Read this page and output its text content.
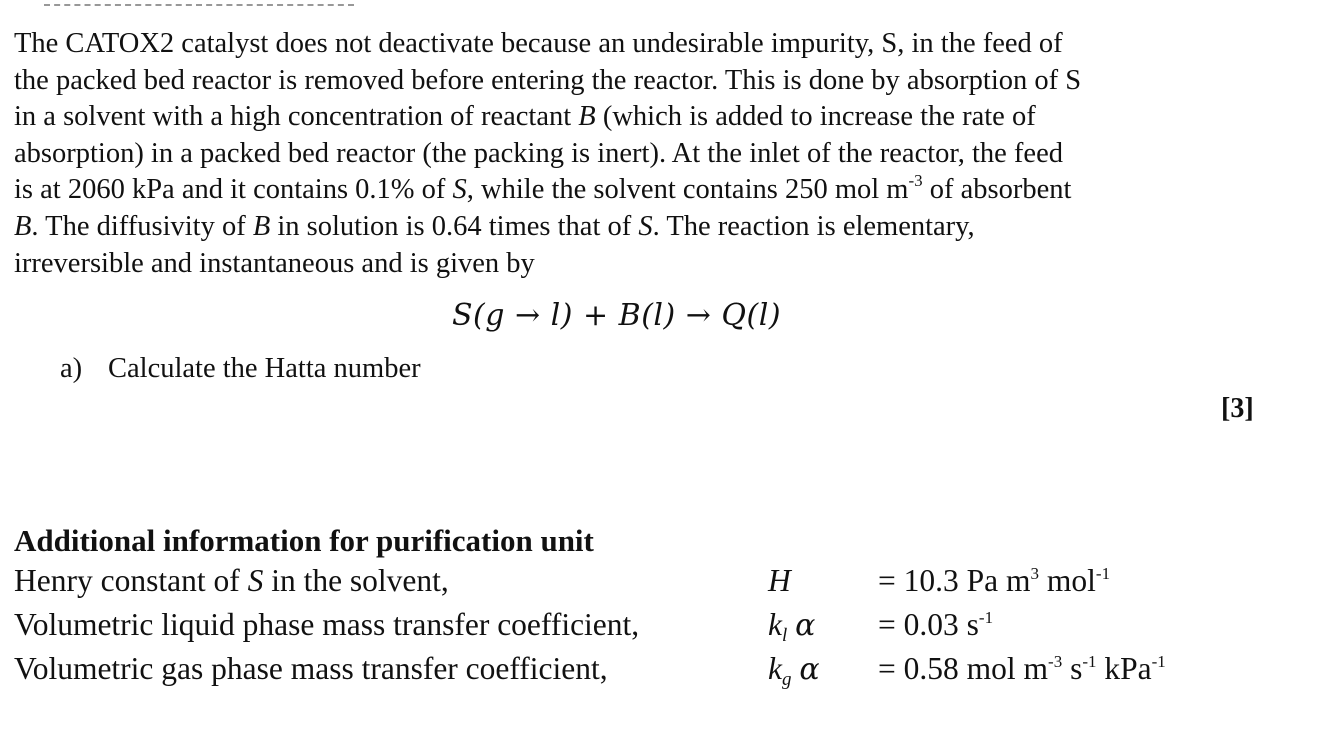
The CATOX2 catalyst does not deactivate because an undesirable impurity, S, in the feed of
the packed bed reactor is removed before entering the reactor. This is done by absorption of S
in a solvent with a high concentration of reactant B (which is added to increase the rate of
absorption) in a packed bed reactor (the packing is inert). At the inlet of the reactor, the feed
is at 2060 kPa and it contains 0.1% of S, while the solvent contains 250 mol $m^{-3}$ of absorbent
B. The diffusivity of B in solution is 0.64 times that of S. The reaction is elementary,
irreversible and instantaneous and is given by
S(g → l) + B(l) → Q(l)
a) Calculate the Hatta number
[3]
Additional information for purification unit
Henry constant of S in the solvent,	H	= 10.3 Pa $m^3$ mol$^{-1}$
Volumetric liquid phase mass transfer coefficient,	$k_l$ α = 0.03 $s^{-1}$
Volumetric gas phase mass transfer coefficient,	$k_g$ α = 0.58 mol $m^{-3}$ $s^{-1}$ kPa$^{-1}$
